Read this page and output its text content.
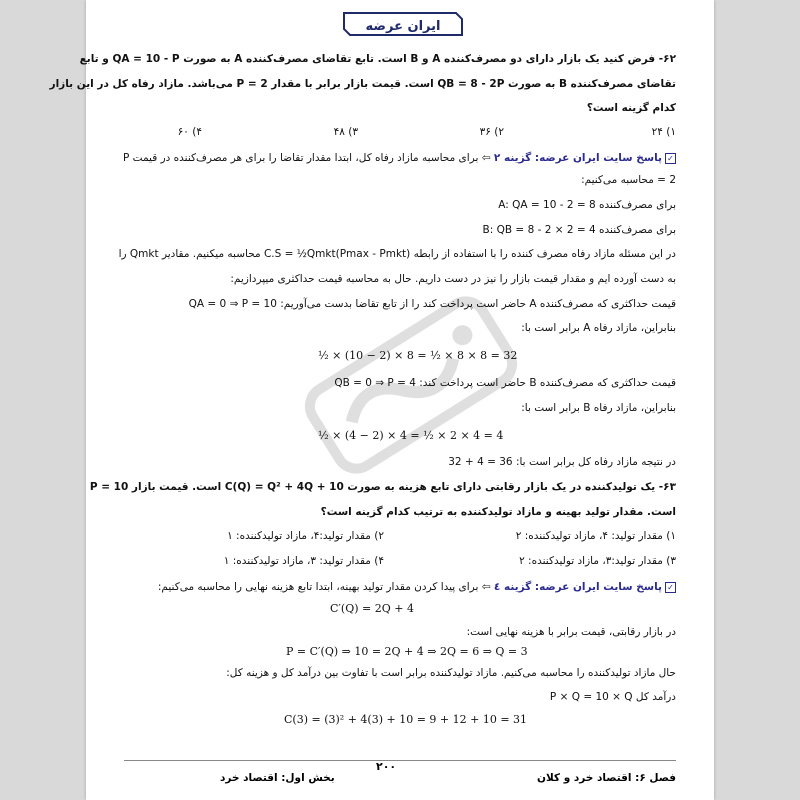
ایران عرضه
۶۲- فرض کنید یک بازار دارای دو مصرف‌کننده A و B است. تابع تقاضای مصرف‌کننده A به صورت QA = 10 - P و تابع
تقاضای مصرف‌کننده B به صورت QB = 8 - 2P است. قیمت بازار برابر با مقدار P = 2 می‌باشد. مازاد رفاه کل در این بازار
کدام گزینه است؟
۱) ۲۴
۲) ۳۶
۳) ۴۸
۴) ۶۰
✓پاسخ سایت ایران عرضه: گزینه ۲ ⇦ برای محاسبه مازاد رفاه کل، ابتدا مقدار تقاضا را برای هر مصرف‌کننده در قیمت P
2 = محاسبه می‌کنیم:
برای مصرف‌کننده A: QA = 10 - 2 = 8
برای مصرف‌کننده B: QB = 8 - 2 × 2 = 4
در این مسئله مازاد رفاه مصرف کننده را با استفاده از رابطه (C.S = ½Qmkt(Pmax - Pmkt محاسبه میکنیم. مقادیر Qmkt را
به دست آورده ایم و مقدار قیمت بازار را نیز در دست داریم. حال به محاسبه قیمت حداکثری میپردازیم:
قیمت حداکثری که مصرف‌کننده A حاضر است پرداخت کند را از تابع تقاضا بدست می‌آوریم: QA = 0 ⇒ P = 10
بنابراین، مازاد رفاه A برابر است با:
½ × (10 − 2) × 8 = ½ × 8 × 8 = 32
قیمت حداکثری که مصرف‌کننده B حاضر است پرداخت کند: QB = 0 ⇒ P = 4
بنابراین، مازاد رفاه B برابر است با:
½ × (4 − 2) × 4 = ½ × 2 × 4 = 4
در نتیجه مازاد رفاه کل برابر است با: 36 = 4 + 32
۶۳- یک تولیدکننده در یک بازار رقابتی دارای تابع هزینه به صورت C(Q) = Q² + 4Q + 10 است. قیمت بازار P = 10
است. مقدار تولید بهینه و مازاد تولیدکننده به ترتیب کدام گزینه است؟
۱) مقدار تولید: ۴، مازاد تولیدکننده: ۲
۲) مقدار تولید:۴، مازاد تولیدکننده: ۱
۳) مقدار تولید:۳، مازاد تولیدکننده: ۲
۴) مقدار تولید: ۳، مازاد تولیدکننده: ۱
✓پاسخ سایت ایران عرضه: گزینه ٤ ⇦ برای پیدا کردن مقدار تولید بهینه، ابتدا تابع هزینه نهایی را محاسبه می‌کنیم:
C′(Q) = 2Q + 4
در بازار رقابتی، قیمت برابر با هزینه نهایی است:
P = C′(Q) ⇒ 10 = 2Q + 4 ⇒ 2Q = 6 ⇒ Q = 3
حال مازاد تولیدکننده را محاسبه می‌کنیم. مازاد تولیدکننده برابر است با تفاوت بین درآمد کل و هزینه کل:
درآمد کل P × Q = 10 × Q
C(3) = (3)² + 4(3) + 10 = 9 + 12 + 10 = 31
۲۰۰
فصل ۶: اقتصاد خرد و کلان
بخش اول: اقتصاد خرد
